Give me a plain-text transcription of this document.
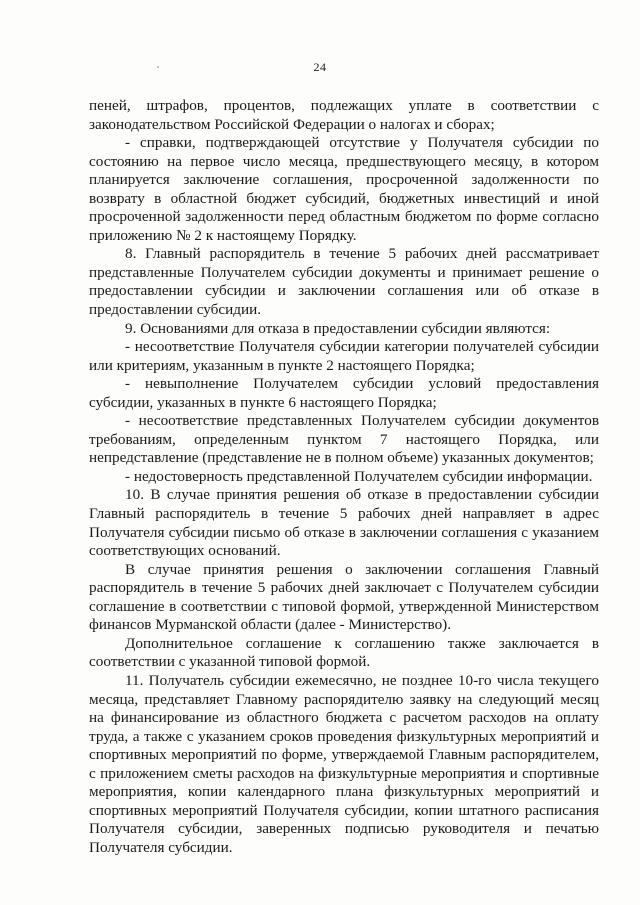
24

пеней, штрафов, процентов, подлежащих уплате в соответствии с законодательством Российской Федерации о налогах и сборах;

- справки, подтверждающей отсутствие у Получателя субсидии по состоянию на первое число месяца, предшествующего месяцу, в котором планируется заключение соглашения, просроченной задолженности по возврату в областной бюджет субсидий, бюджетных инвестиций и иной просроченной задолженности перед областным бюджетом по форме согласно приложению № 2 к настоящему Порядку.

8. Главный распорядитель в течение 5 рабочих дней рассматривает представленные Получателем субсидии документы и принимает решение о предоставлении субсидии и заключении соглашения или об отказе в предоставлении субсидии.

9. Основаниями для отказа в предоставлении субсидии являются:

- несоответствие Получателя субсидии категории получателей субсидии или критериям, указанным в пункте 2 настоящего Порядка;

- невыполнение Получателем субсидии условий предоставления субсидии, указанных в пункте 6 настоящего Порядка;

- несоответствие представленных Получателем субсидии документов требованиям, определенным пунктом 7 настоящего Порядка, или непредставление (представление не в полном объеме) указанных документов;

- недостоверность представленной Получателем субсидии информации.

10. В случае принятия решения об отказе в предоставлении субсидии Главный распорядитель в течение 5 рабочих дней направляет в адрес Получателя субсидии письмо об отказе в заключении соглашения с указанием соответствующих оснований.

В случае принятия решения о заключении соглашения Главный распорядитель в течение 5 рабочих дней заключает с Получателем субсидии соглашение в соответствии с типовой формой, утвержденной Министерством финансов Мурманской области (далее - Министерство).

Дополнительное соглашение к соглашению также заключается в соответствии с указанной типовой формой.

11. Получатель субсидии ежемесячно, не позднее 10-го числа текущего месяца, представляет Главному распорядителю заявку на следующий месяц на финансирование из областного бюджета с расчетом расходов на оплату труда, а также с указанием сроков проведения физкультурных мероприятий и спортивных мероприятий по форме, утверждаемой Главным распорядителем, с приложением сметы расходов на физкультурные мероприятия и спортивные мероприятия, копии календарного плана физкультурных мероприятий и спортивных мероприятий Получателя субсидии, копии штатного расписания Получателя субсидии, заверенных подписью руководителя и печатью Получателя субсидии.
